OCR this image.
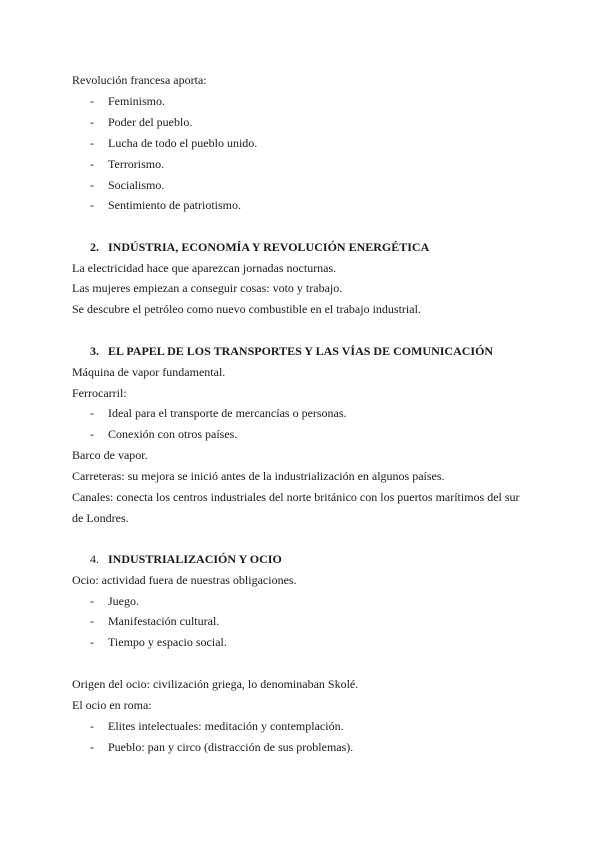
Revolución francesa aporta:
- Feminismo.
- Poder del pueblo.
- Lucha de todo el pueblo unido.
- Terrorismo.
- Socialismo.
- Sentimiento de patriotismo.
2. INDÚSTRIA, ECONOMÍA Y REVOLUCIÓN ENERGÉTICA
La electricidad hace que aparezcan jornadas nocturnas.
Las mujeres empiezan a conseguir cosas: voto y trabajo.
Se descubre el petróleo como nuevo combustible en el trabajo industrial.
3. EL PAPEL DE LOS TRANSPORTES Y LAS VÍAS DE COMUNICACIÓN
Máquina de vapor fundamental.
Ferrocarril:
- Ideal para el transporte de mercancías o personas.
- Conexión con otros países.
Barco de vapor.
Carreteras: su mejora se inició antes de la industrialización en algunos países.
Canales: conecta los centros industriales del norte británico con los puertos marítimos del sur
de Londres.
4. INDUSTRIALIZACIÓN Y OCIO
Ocio: actividad fuera de nuestras obligaciones.
- Juego.
- Manifestación cultural.
- Tiempo y espacio social.
Origen del ocio: civilización griega, lo denominaban Skolé.
El ocio en roma:
- Elites intelectuales: meditación y contemplación.
- Pueblo: pan y circo (distracción de sus problemas).
